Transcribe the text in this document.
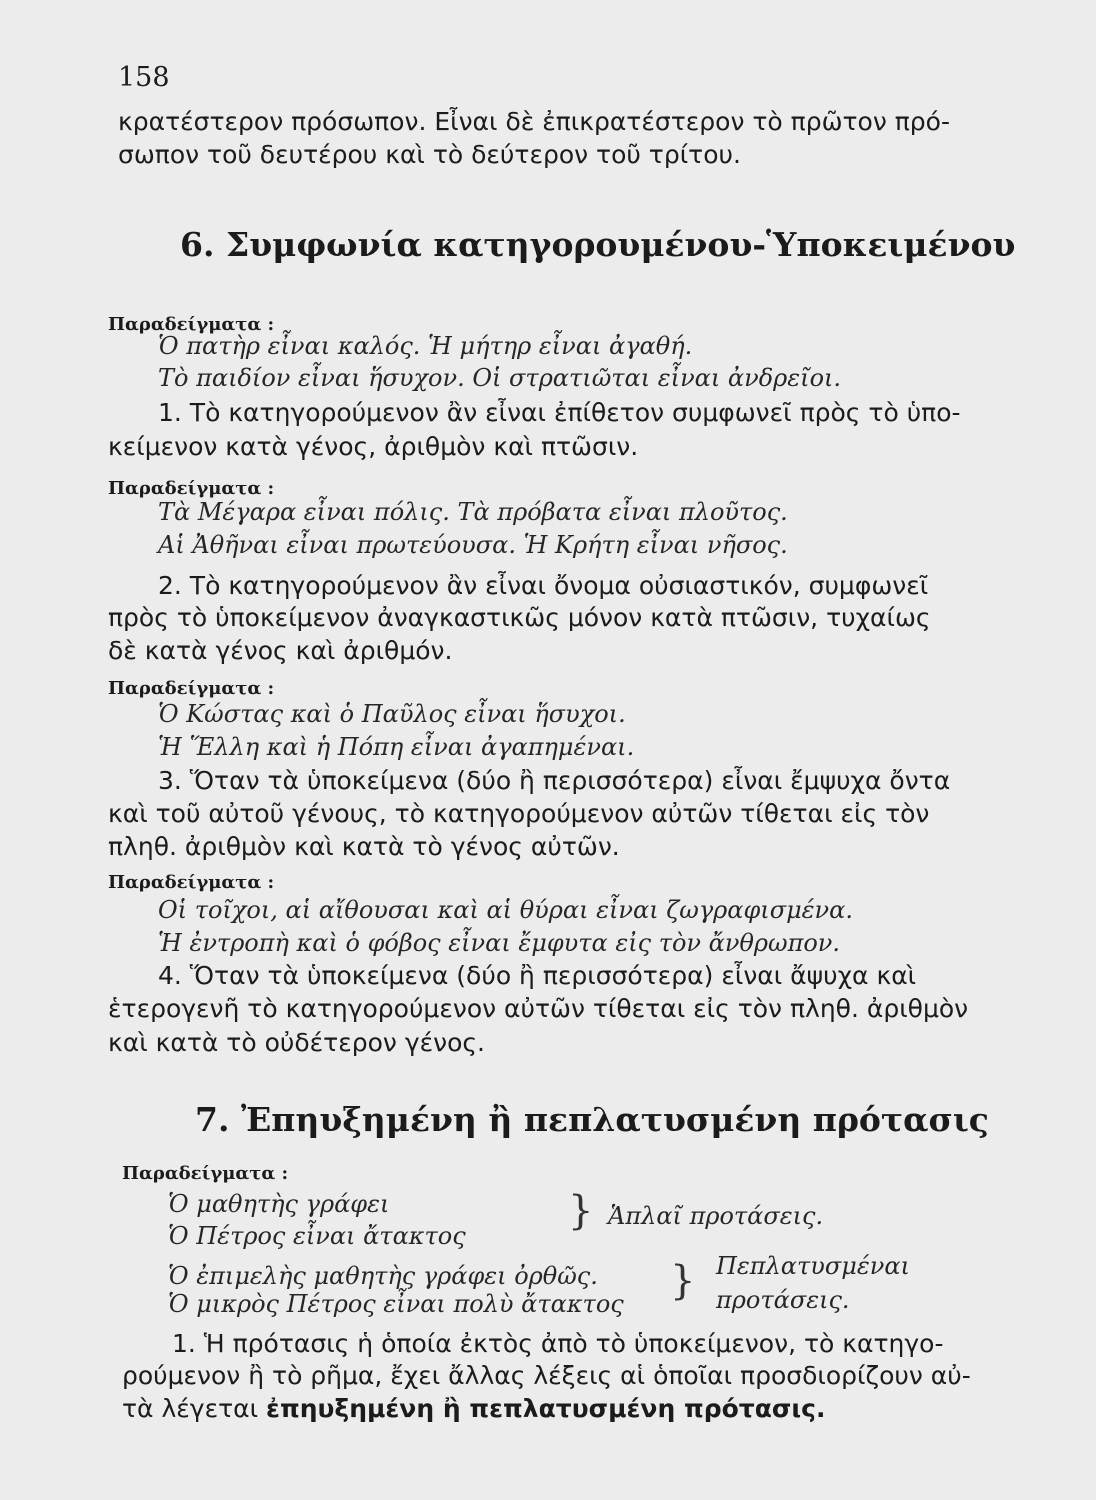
158
κρατέστερον πρόσωπον. Εἶναι δὲ ἐπικρατέστερον τὸ πρῶτον πρό-
σωπον τοῦ δευτέρου καὶ τὸ δεύτερον τοῦ τρίτου.
6. Συμφωνία κατηγορουμένου-Ὑποκειμένου
Παραδείγματα :
Ὁ πατὴρ εἶναι καλός. Ἡ μήτηρ εἶναι ἀγαθή.
Τὸ παιδίον εἶναι ἥσυχον. Οἱ στρατιῶται εἶναι ἀνδρεῖοι.
1. Τὸ κατηγορούμενον ἂν εἶναι ἐπίθετον συμφωνεῖ πρὸς τὸ ὑπο-
κείμενον κατὰ γένος, ἀριθμὸν καὶ πτῶσιν.
Παραδείγματα :
Τὰ Μέγαρα εἶναι πόλις. Τὰ πρόβατα εἶναι πλοῦτος.
Αἱ Ἀθῆναι εἶναι πρωτεύουσα. Ἡ Κρήτη εἶναι νῆσος.
2. Τὸ κατηγορούμενον ἂν εἶναι ὄνομα οὐσιαστικόν, συμφωνεῖ
πρὸς τὸ ὑποκείμενον ἀναγκαστικῶς μόνον κατὰ πτῶσιν, τυχαίως
δὲ κατὰ γένος καὶ ἀριθμόν.
Παραδείγματα :
Ὁ Κώστας καὶ ὁ Παῦλος εἶναι ἥσυχοι.
Ἡ Ἕλλη καὶ ἡ Πόπη εἶναι ἀγαπημέναι.
3. Ὅταν τὰ ὑποκείμενα (δύο ἢ περισσότερα) εἶναι ἔμψυχα ὄντα
καὶ τοῦ αὐτοῦ γένους, τὸ κατηγορούμενον αὐτῶν τίθεται εἰς τὸν
πληθ. ἀριθμὸν καὶ κατὰ τὸ γένος αὐτῶν.
Παραδείγματα :
Οἱ τοῖχοι, αἱ αἴθουσαι καὶ αἱ θύραι εἶναι ζωγραφισμένα.
Ἡ ἐντροπὴ καὶ ὁ φόβος εἶναι ἔμφυτα εἰς τὸν ἄνθρωπον.
4. Ὅταν τὰ ὑποκείμενα (δύο ἢ περισσότερα) εἶναι ἄψυχα καὶ
ἑτερογενῆ τὸ κατηγορούμενον αὐτῶν τίθεται εἰς τὸν πληθ. ἀριθμὸν
καὶ κατὰ τὸ οὐδέτερον γένος.
7. Ἐπηυξημένη ἢ πεπλατυσμένη πρότασις
Παραδείγματα :
Ὁ μαθητὴς γράφει
Ὁ Πέτρος εἶναι ἄτακτος
} Ἁπλαῖ προτάσεις.
Ὁ ἐπιμελὴς μαθητὴς γράφει ὀρθῶς.
Ὁ μικρὸς Πέτρος εἶναι πολὺ ἄτακτος } Πεπλατυσμέναι
προτάσεις.
1. Ἡ πρότασις ἡ ὁποία ἐκτὸς ἀπὸ τὸ ὑποκείμενον, τὸ κατηγο-
ρούμενον ἢ τὸ ρῆμα, ἔχει ἄλλας λέξεις αἱ ὁποῖαι προσδιορίζουν αὐ-
τὰ λέγεται ἐπηυξημένη ἢ πεπλατυσμένη πρότασις.
